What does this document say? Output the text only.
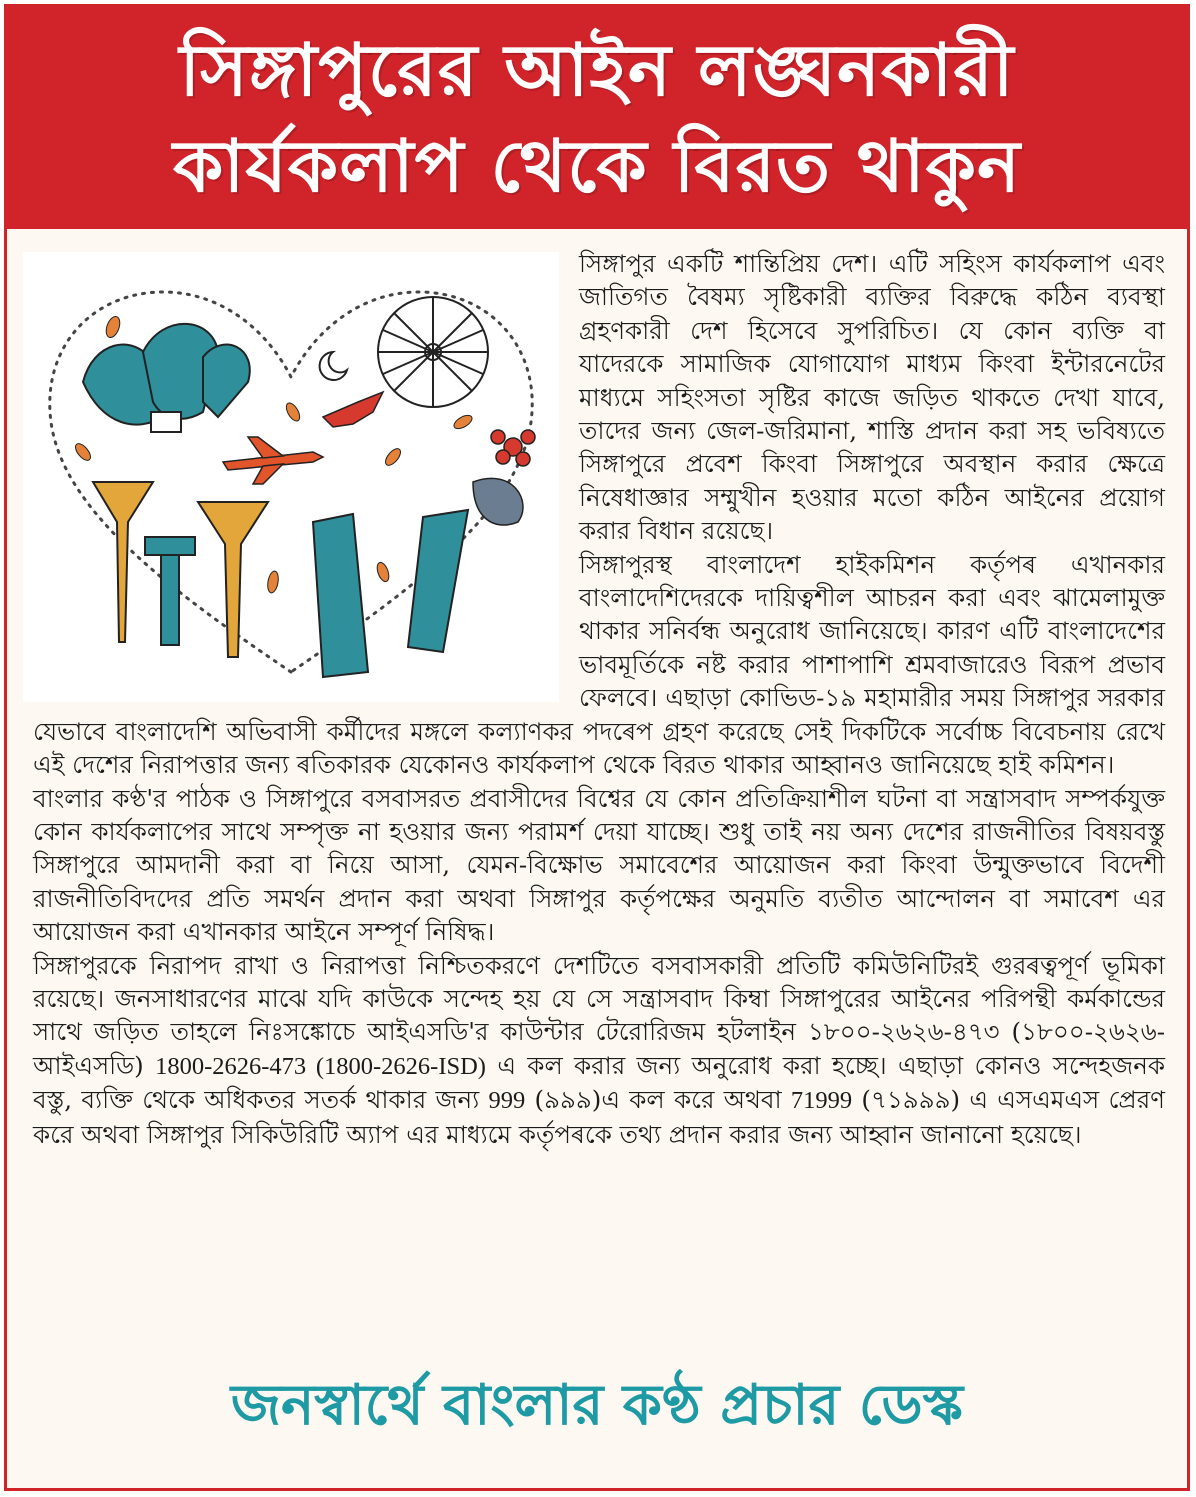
সিঙ্গাপুরের আইন লঙ্ঘনকারী
কার্যকলাপ থেকে বিরত থাকুন

সিঙ্গাপুর একটি শান্তিপ্রিয় দেশ। এটি সহিংস কার্যকলাপ এবং জাতিগত বৈষম্য সৃষ্টিকারী ব্যক্তির বিরুদ্ধে কঠিন ব্যবস্থা গ্রহণকারী দেশ হিসেবে সুপরিচিত। যে কোন ব্যক্তি বা যাদেরকে সামাজিক যোগাযোগ মাধ্যম কিংবা ইন্টারনেটের মাধ্যমে সহিংসতা সৃষ্টির কাজে জড়িত থাকতে দেখা যাবে, তাদের জন্য জেল-জরিমানা, শাস্তি প্রদান করা সহ ভবিষ্যতে সিঙ্গাপুরে প্রবেশ কিংবা সিঙ্গাপুরে অবস্থান করার ক্ষেত্রে নিষেধাজ্ঞার সম্মুখীন হওয়ার মতো কঠিন আইনের প্রয়োগ করার বিধান রয়েছে।

সিঙ্গাপুরস্থ বাংলাদেশ হাইকমিশন কর্তৃপৰ এখানকার বাংলাদেশিদেরকে দায়িত্বশীল আচরন করা এবং ঝামেলামুক্ত থাকার সনির্বন্ধ অনুরোধ জানিয়েছে। কারণ এটি বাংলাদেশের ভাবমূর্তিকে নষ্ট করার পাশাপাশি শ্রমবাজারেও বিরূপ প্রভাব ফেলবে। এছাড়া কোভিড-১৯ মহামারীর সময় সিঙ্গাপুর সরকার যেভাবে বাংলাদেশি অভিবাসী কর্মীদের মঙ্গলে কল্যাণকর পদৰেপ গ্রহণ করেছে সেই দিকটিকে সর্বোচ্চ বিবেচনায় রেখে এই দেশের নিরাপত্তার জন্য ৰতিকারক যেকোনও কার্যকলাপ থেকে বিরত থাকার আহ্বানও জানিয়েছে হাই কমিশন।

বাংলার কণ্ঠ'র পাঠক ও সিঙ্গাপুরে বসবাসরত প্রবাসীদের বিশ্বের যে কোন প্রতিক্রিয়াশীল ঘটনা বা সন্ত্রাসবাদ সম্পর্কযুক্ত কোন কার্যকলাপের সাথে সম্পৃক্ত না হওয়ার জন্য পরামর্শ দেয়া যাচ্ছে। শুধু তাই নয় অন্য দেশের রাজনীতির বিষয়বস্তু সিঙ্গাপুরে আমদানী করা বা নিয়ে আসা, যেমন-বিক্ষোভ সমাবেশের আয়োজন করা কিংবা উন্মুক্তভাবে বিদেশী রাজনীতিবিদদের প্রতি সমর্থন প্রদান করা অথবা সিঙ্গাপুর কর্তৃপক্ষের অনুমতি ব্যতীত আন্দোলন বা সমাবেশ এর আয়োজন করা এখানকার আইনে সম্পূর্ণ নিষিদ্ধ।

সিঙ্গাপুরকে নিরাপদ রাখা ও নিরাপত্তা নিশ্চিতকরণে দেশটিতে বসবাসকারী প্রতিটি কমিউনিটিরই গুরৰত্বপূর্ণ ভূমিকা রয়েছে। জনসাধারণের মাঝে যদি কাউকে সন্দেহ হয় যে সে সন্ত্রাসবাদ কিম্বা সিঙ্গাপুরের আইনের পরিপন্থী কর্মকান্ডের সাথে জড়িত তাহলে নিঃসঙ্কোচে আইএসডি'র কাউন্টার টেরোরিজম হটলাইন ১৮০০-২৬২৬-৪৭৩ (১৮০০-২৬২৬- আইএসডি) 1800-2626-473 (1800-2626-ISD) এ কল করার জন্য অনুরোধ করা হচ্ছে। এছাড়া কোনও সন্দেহজনক বস্তু, ব্যক্তি থেকে অধিকতর সতর্ক থাকার জন্য 999 (৯৯৯)এ কল করে অথবা 71999 (৭১৯৯৯) এ এসএমএস প্রেরণ করে অথবা সিঙ্গাপুর সিকিউরিটি অ্যাপ এর মাধ্যমে কর্তৃপৰকে তথ্য প্রদান করার জন্য আহ্বান জানানো হয়েছে।

জনস্বার্থে বাংলার কণ্ঠ প্রচার ডেস্ক
